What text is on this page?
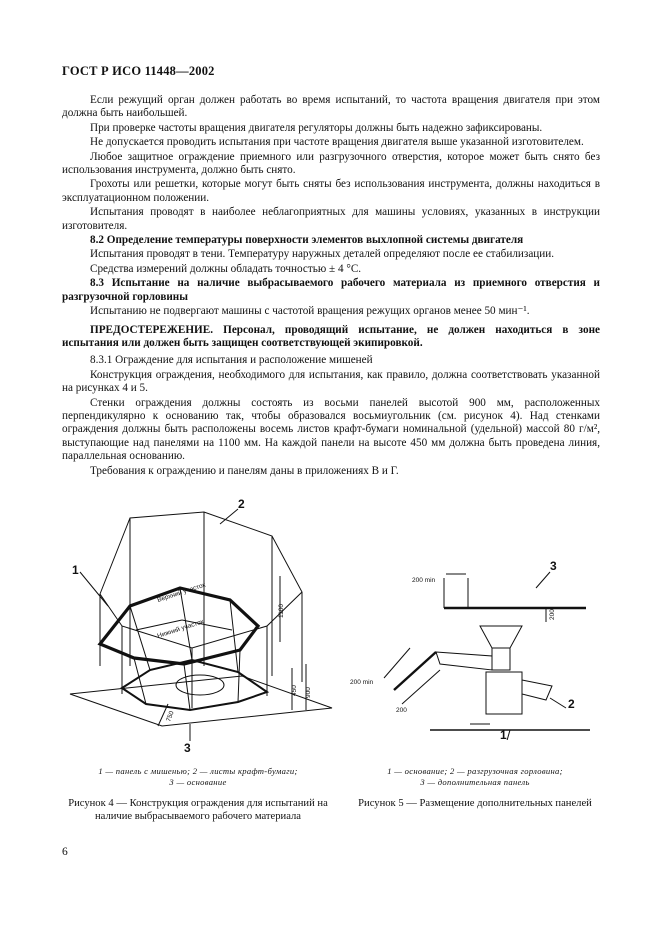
ГОСТ Р ИСО 11448—2002

Если режущий орган должен работать во время испытаний, то частота вращения двигателя при этом должна быть наибольшей.

При проверке частоты вращения двигателя регуляторы должны быть надежно зафиксированы.

Не допускается проводить испытания при частоте вращения двигателя выше указанной изготовителем.

Любое защитное ограждение приемного или разгрузочного отверстия, которое может быть снято без использования инструмента, должно быть снято.

Грохоты или решетки, которые могут быть сняты без использования инструмента, должны находиться в эксплуатационном положении.

Испытания проводят в наиболее неблагоприятных для машины условиях, указанных в инструкции изготовителя.

8.2 Определение температуры поверхности элементов выхлопной системы двигателя

Испытания проводят в тени. Температуру наружных деталей определяют после ее стабилизации.

Средства измерений должны обладать точностью ± 4 °С.

8.3 Испытание на наличие выбрасываемого рабочего материала из приемного отверстия и разгрузочной горловины

Испытанию не подвергают машины с частотой вращения режущих органов менее 50 мин⁻¹.

ПРЕДОСТЕРЕЖЕНИЕ. Персонал, проводящий испытание, не должен находиться в зоне испытания или должен быть защищен соответствующей экипировкой.

8.3.1 Ограждение для испытания и расположение мишеней

Конструкция ограждения, необходимого для испытания, как правило, должна соответствовать указанной на рисунках 4 и 5.

Стенки ограждения должны состоять из восьми панелей высотой 900 мм, расположенных перпендикулярно к основанию так, чтобы образовался восьмиугольник (см. рисунок 4). Над стенками ограждения должны быть расположены восемь листов крафт-бумаги номинальной (удельной) массой 80 г/м², выступающие над панелями на 1100 мм. На каждой панели на высоте 450 мм должна быть проведена линия, параллельная основанию.

Требования к ограждению и панелям даны в приложениях В и Г.

Верхний участок
Нижний участок
1100
450 900
750
1
2
3
200 min
200
200 min
200
3
2
1
1 — панель с мишенью; 2 — листы крафт-бумаги;
3 — основание
Рисунок 4 — Конструкция ограждения для испытаний на наличие выбрасываемого рабочего материала
1 — основание; 2 — разгрузочная горловина;
3 — дополнительная панель
Рисунок 5 — Размещение дополнительных панелей
6
